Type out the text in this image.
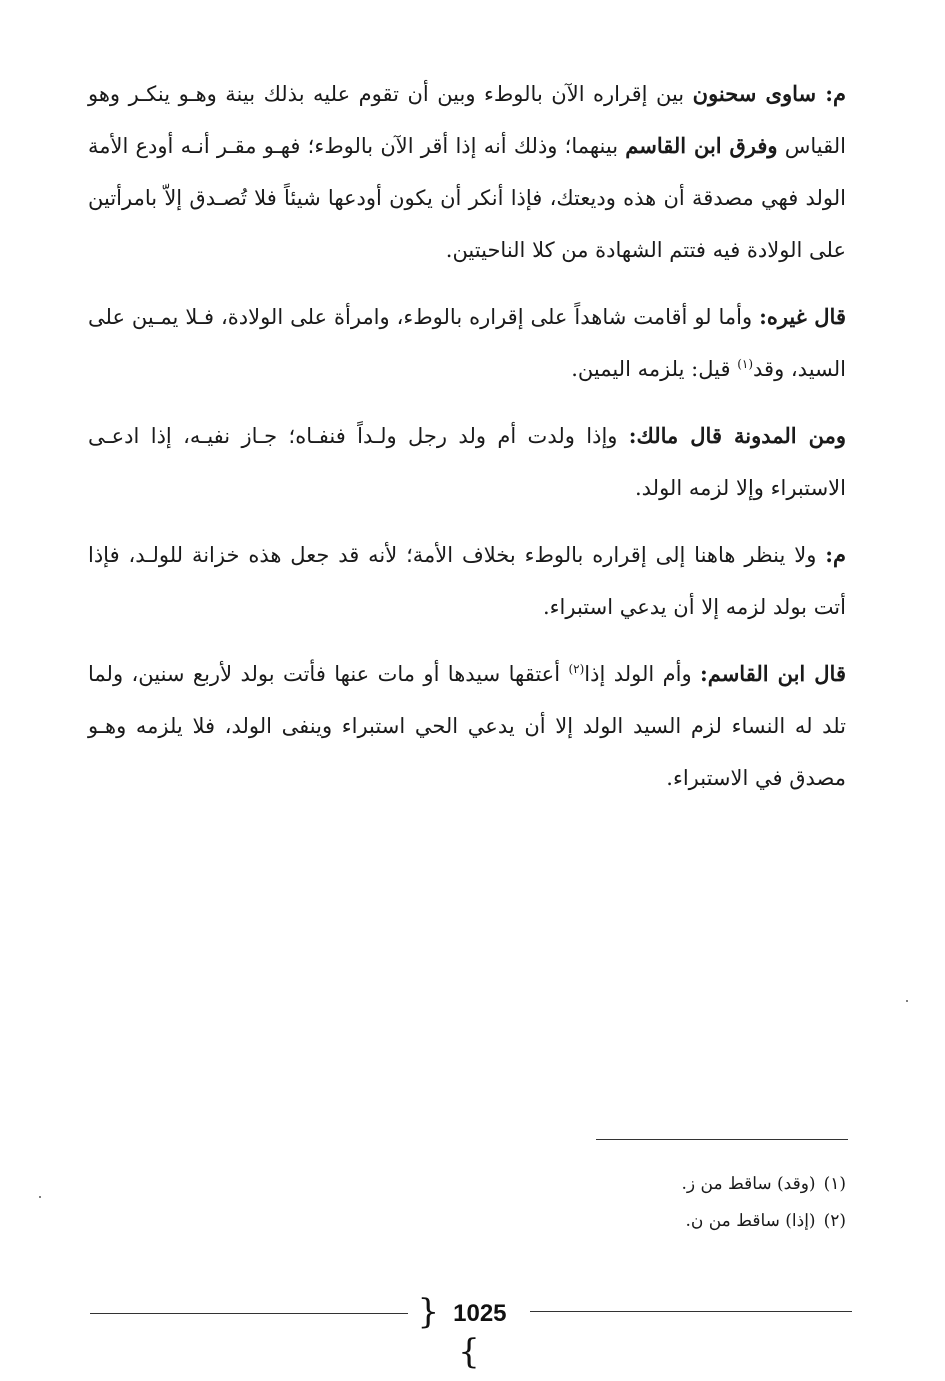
م: ساوى سحنون بين إقراره الآن بالوطء وبين أن تقوم عليه بذلك بينة وهـو ينكـر وهو القياس وفرق ابن القاسم بينهما؛ وذلك أنه إذا أقر الآن بالوطء؛ فهـو مقـر أنـه أودع الأمة الولد فهي مصدقة أن هذه وديعتك، فإذا أنكر أن يكون أودعها شيئاً فلا تُصـدق إلاّ بامرأتين على الولادة فيه فتتم الشهادة من كلا الناحيتين.

قال غيره: وأما لو أقامت شاهداً على إقراره بالوطء، وامرأة على الولادة، فـلا يمـين على السيد، وقد$^{(١)}$ قيل: يلزمه اليمين.

ومن المدونة قال مالك: وإذا ولدت أم ولد رجل ولـداً فنفـاه؛ جـاز نفيـه، إذا ادعـى الاستبراء وإلا لزمه الولد.

م: ولا ينظر هاهنا إلى إقراره بالوطء بخلاف الأمة؛ لأنه قد جعل هذه خزانة للولـد، فإذا أتت بولد لزمه إلا أن يدعي استبراء.

قال ابن القاسم: وأم الولد إذا$^{(٢)}$ أعتقها سيدها أو مات عنها فأتت بولد لأربع سنين، ولما تلد له النساء لزم السيد الولد إلا أن يدعي الحي استبراء وينفى الولد، فلا يلزمه وهـو مصدق في الاستبراء.

(١)(وقد) ساقط من ز.

(٢)(إذا) ساقط من ن.

} 1025{
